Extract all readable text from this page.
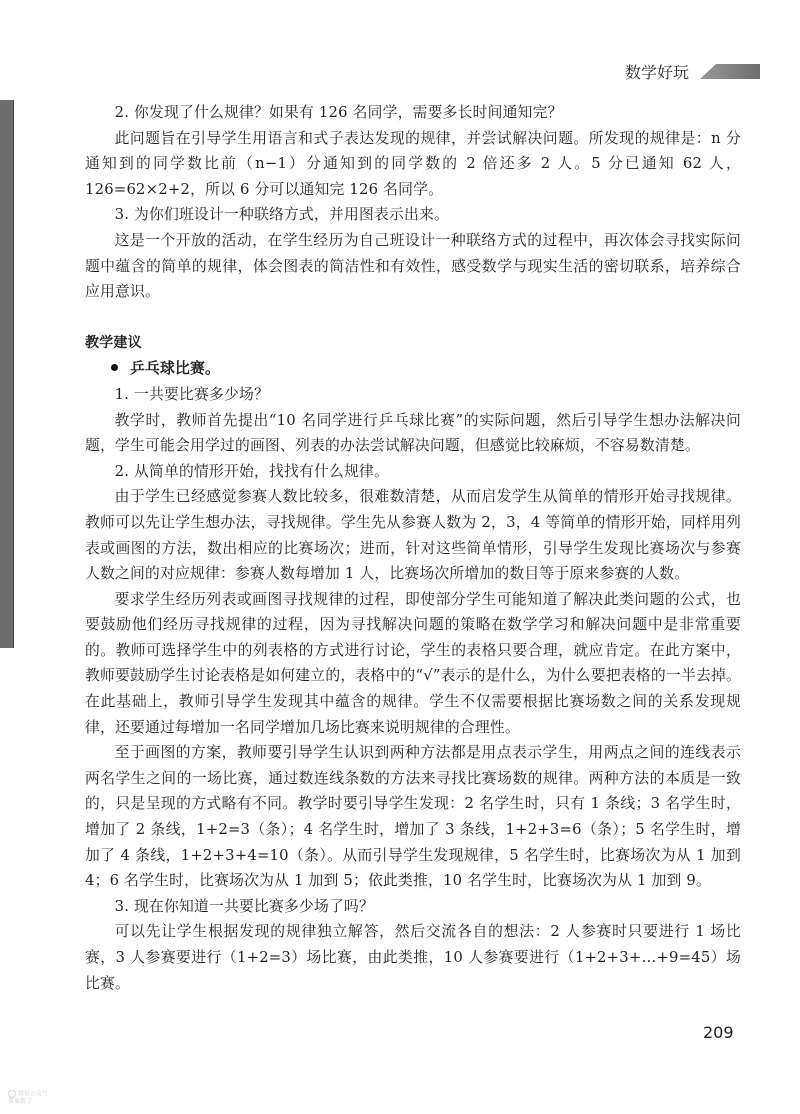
数学好玩

2. 你发现了什么规律？如果有 126 名同学，需要多长时间通知完？

此问题旨在引导学生用语言和式子表达发现的规律，并尝试解决问题。所发现的规律是：n 分通知到的同学数比前（n−1）分通知到的同学数的 2 倍还多 2 人。5 分已通知 62 人，126=62×2+2，所以 6 分可以通知完 126 名同学。

3. 为你们班设计一种联络方式，并用图表示出来。

这是一个开放的活动，在学生经历为自己班设计一种联络方式的过程中，再次体会寻找实际问题中蕴含的简单的规律，体会图表的简洁性和有效性，感受数学与现实生活的密切联系，培养综合应用意识。

教学建议

乒乓球比赛。

1. 一共要比赛多少场？

教学时，教师首先提出“10 名同学进行乒乓球比赛”的实际问题，然后引导学生想办法解决问题，学生可能会用学过的画图、列表的办法尝试解决问题，但感觉比较麻烦，不容易数清楚。

2. 从简单的情形开始，找找有什么规律。

由于学生已经感觉参赛人数比较多，很难数清楚，从而启发学生从简单的情形开始寻找规律。教师可以先让学生想办法，寻找规律。学生先从参赛人数为 2，3，4 等简单的情形开始，同样用列表或画图的方法，数出相应的比赛场次；进而，针对这些简单情形，引导学生发现比赛场次与参赛人数之间的对应规律：参赛人数每增加 1 人，比赛场次所增加的数目等于原来参赛的人数。

要求学生经历列表或画图寻找规律的过程，即使部分学生可能知道了解决此类问题的公式，也要鼓励他们经历寻找规律的过程，因为寻找解决问题的策略在数学学习和解决问题中是非常重要的。教师可选择学生中的列表格的方式进行讨论，学生的表格只要合理，就应肯定。在此方案中，教师要鼓励学生讨论表格是如何建立的，表格中的“√”表示的是什么，为什么要把表格的一半去掉。在此基础上，教师引导学生发现其中蕴含的规律。学生不仅需要根据比赛场数之间的关系发现规律，还要通过每增加一名同学增加几场比赛来说明规律的合理性。

至于画图的方案，教师要引导学生认识到两种方法都是用点表示学生，用两点之间的连线表示两名学生之间的一场比赛，通过数连线条数的方法来寻找比赛场数的规律。两种方法的本质是一致的，只是呈现的方式略有不同。教学时要引导学生发现：2 名学生时，只有 1 条线；3 名学生时，增加了 2 条线，1+2=3（条）；4 名学生时，增加了 3 条线，1+2+3=6（条）；5 名学生时，增加了 4 条线，1+2+3+4=10（条）。从而引导学生发现规律，5 名学生时，比赛场次为从 1 加到 4；6 名学生时，比赛场次为从 1 加到 5；依此类推，10 名学生时，比赛场次为从 1 加到 9。

3. 现在你知道一共要比赛多少场了吗？

可以先让学生根据发现的规律独立解答，然后交流各自的想法：2 人参赛时只要进行 1 场比赛，3 人参赛要进行（1+2=3）场比赛，由此类推，10 人参赛要进行（1+2+3+…+9=45）场比赛。

209
微信公众号
果果数学
